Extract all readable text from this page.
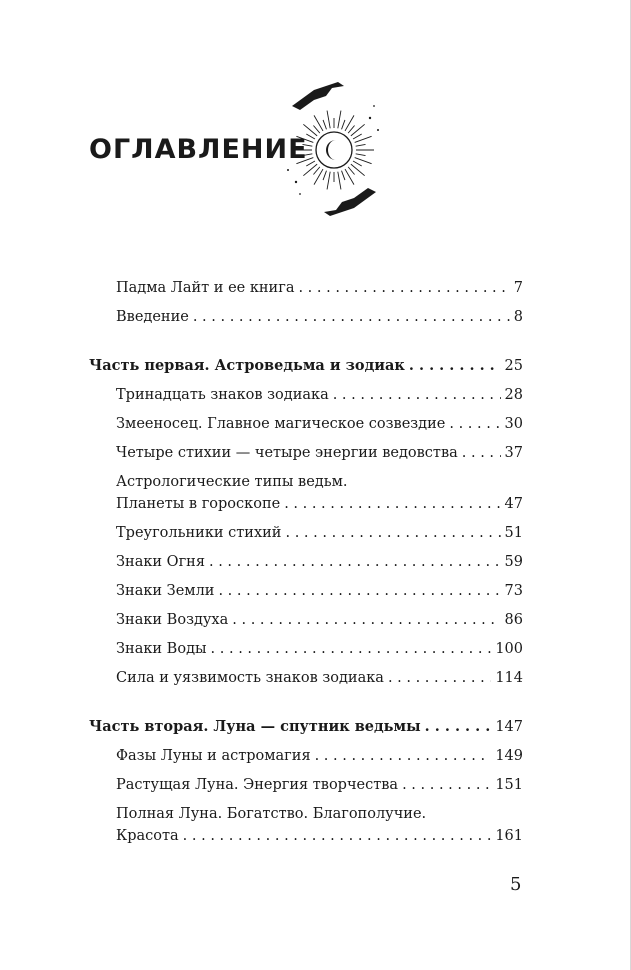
ОГЛАВЛЕНИЕ
Падма Лайт и ее книга . . .	7
Введение . . .	8
Часть первая. Астроведьма и зодиак . . .	25
Тринадцать знаков зодиака . . .	28
Змееносец. Главное магическое созвездие . . .	30
Четыре стихии — четыре энергии ведовства . . .	37
Астрологические типы ведьм.
Планеты в гороскопе . . .	47
Треугольники стихий . . .	51
Знаки Огня . . .	59
Знаки Земли . . .	73
Знаки Воздуха . . .	86
Знаки Воды . . .	100
Сила и уязвимость знаков зодиака . . .	114
Часть вторая. Луна — спутник ведьмы . . .	147
Фазы Луны и астромагия . . .	149
Растущая Луна. Энергия творчества . . .	151
Полная Луна. Богатство. Благополучие.
Красота . . .	161
5
